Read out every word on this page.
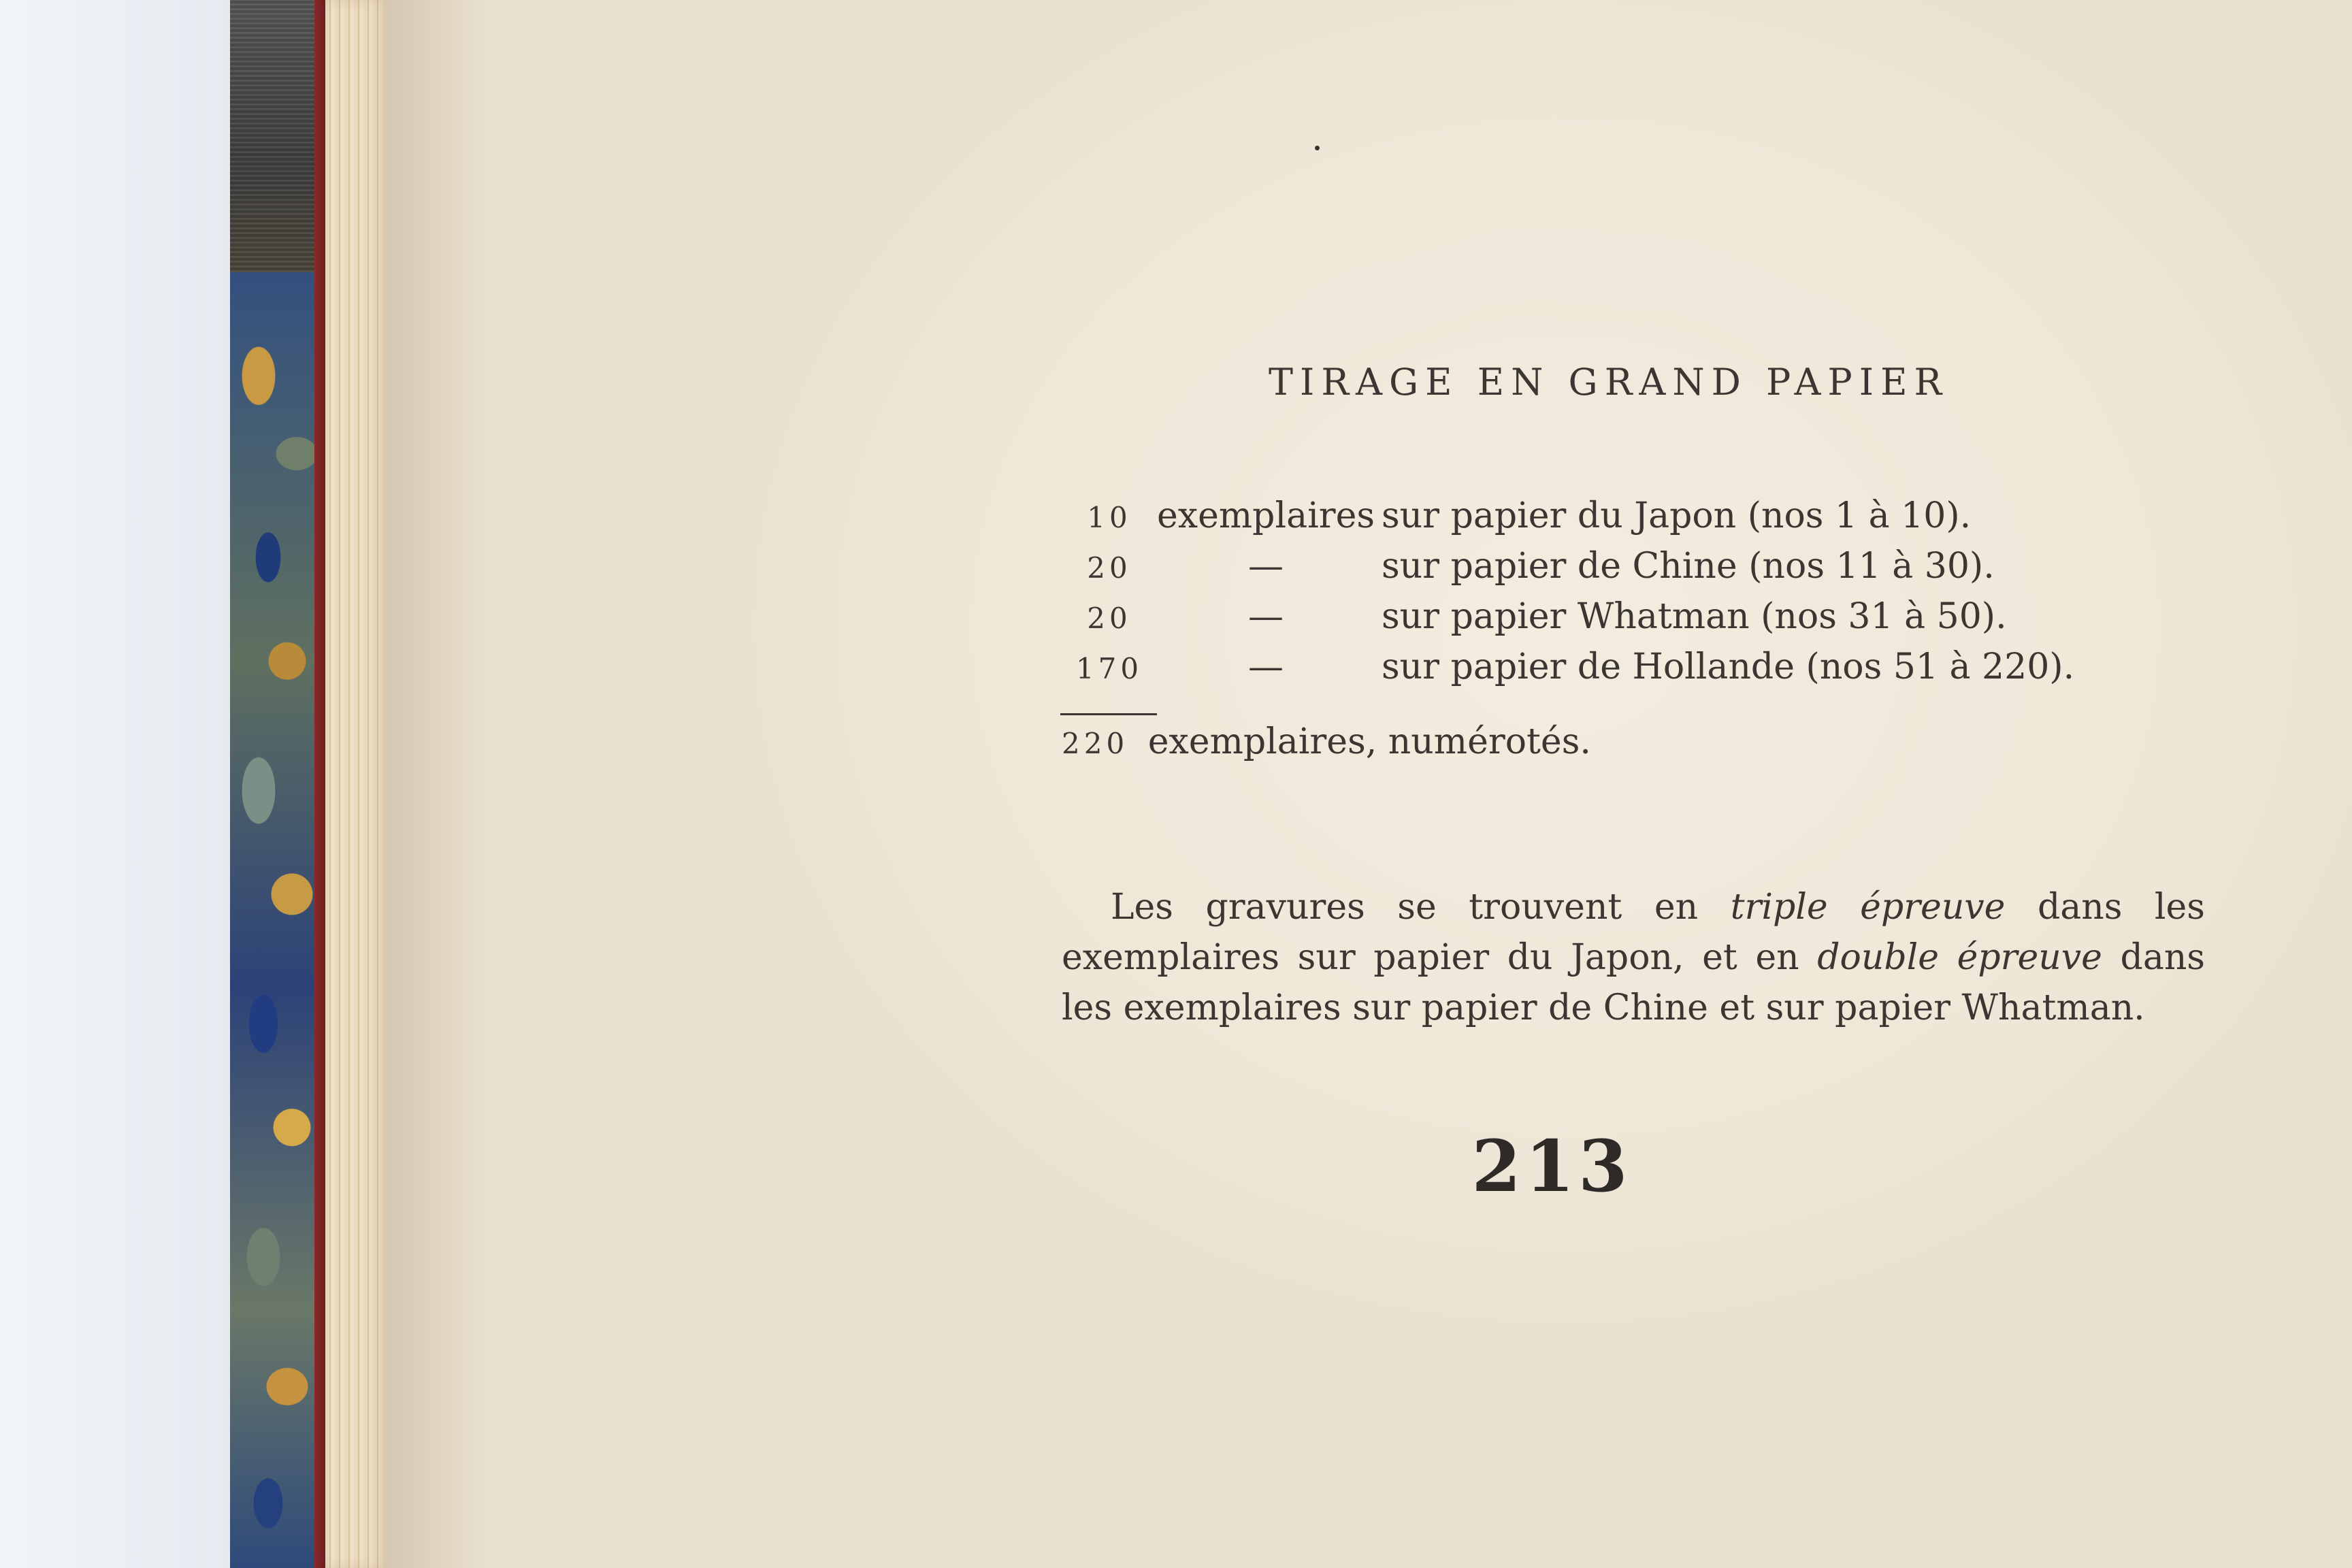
TIRAGE EN GRAND PAPIER
10 exemplaires sur papier du Japon (nos 1 à 10).
20	—	sur papier de Chine (nos 11 à 30).
20	—	sur papier Whatman (nos 31 à 50).
170	—	sur papier de Hollande (nos 51 à 220).
220 exemplaires, numérotés.
Les gravures se trouvent en triple épreuve dans les exemplaires sur papier du Japon, et en double épreuve dans les exemplaires sur papier de Chine et sur papier Whatman.
213
